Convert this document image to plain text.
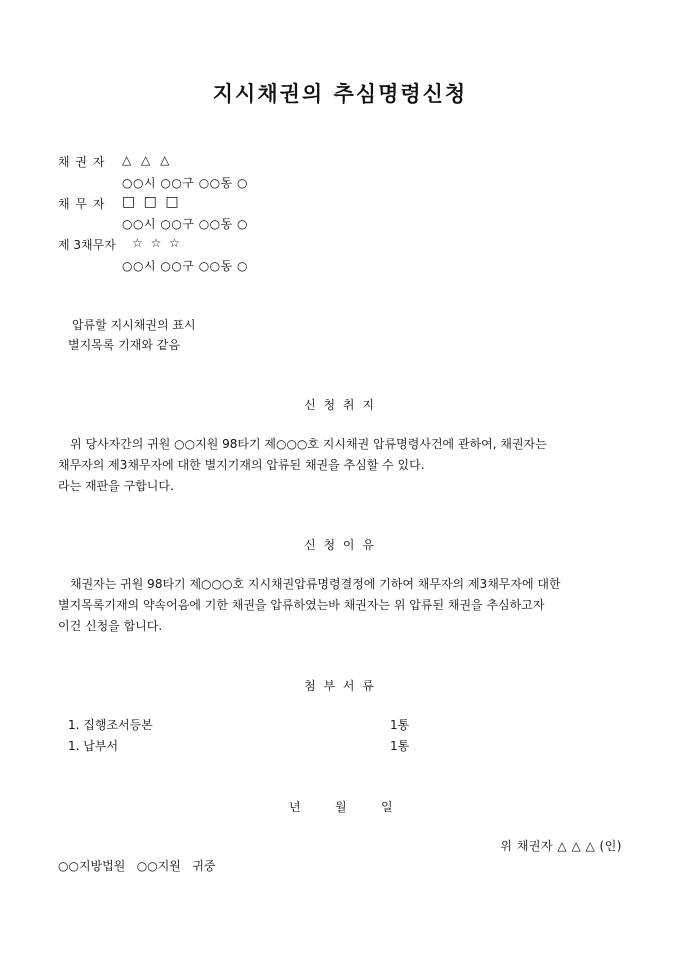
지시채권의 추심명령신청
채 권 자 △ △ △
○○시 ○○구 ○○동 ○
채 무 자 □ □ □
○○시 ○○구 ○○동 ○
제 3채무자 ☆ ☆ ☆
○○시 ○○구 ○○동 ○
압류할 지시채권의 표시
별지목록 기재와 같음
신 청 취 지

위 당사자간의 귀원 ○○지원 98타기 제○○○호 지시채권 압류명령사건에 관하여, 채권자는

채무자의 제3채무자에 대한 별지기재의 압류된 채권을 추심할 수 있다.

라는 재판을 구합니다.

신 청 이 유

채권자는 귀원 98타기 제○○○호 지시채권압류명령결정에 기하여 채무자의 제3채무자에 대한

별지목록기재의 약속어음에 기한 채권을 압류하였는바 채권자는 위 압류된 채권을 추심하고자

이건 신청을 합니다.

첨 부 서 류
1. 집행조서등본	1통
1. 납부서	1통
년	월	일
위 채권자 △ △ △ (인)
○○지방법원   ○○지원   귀중
